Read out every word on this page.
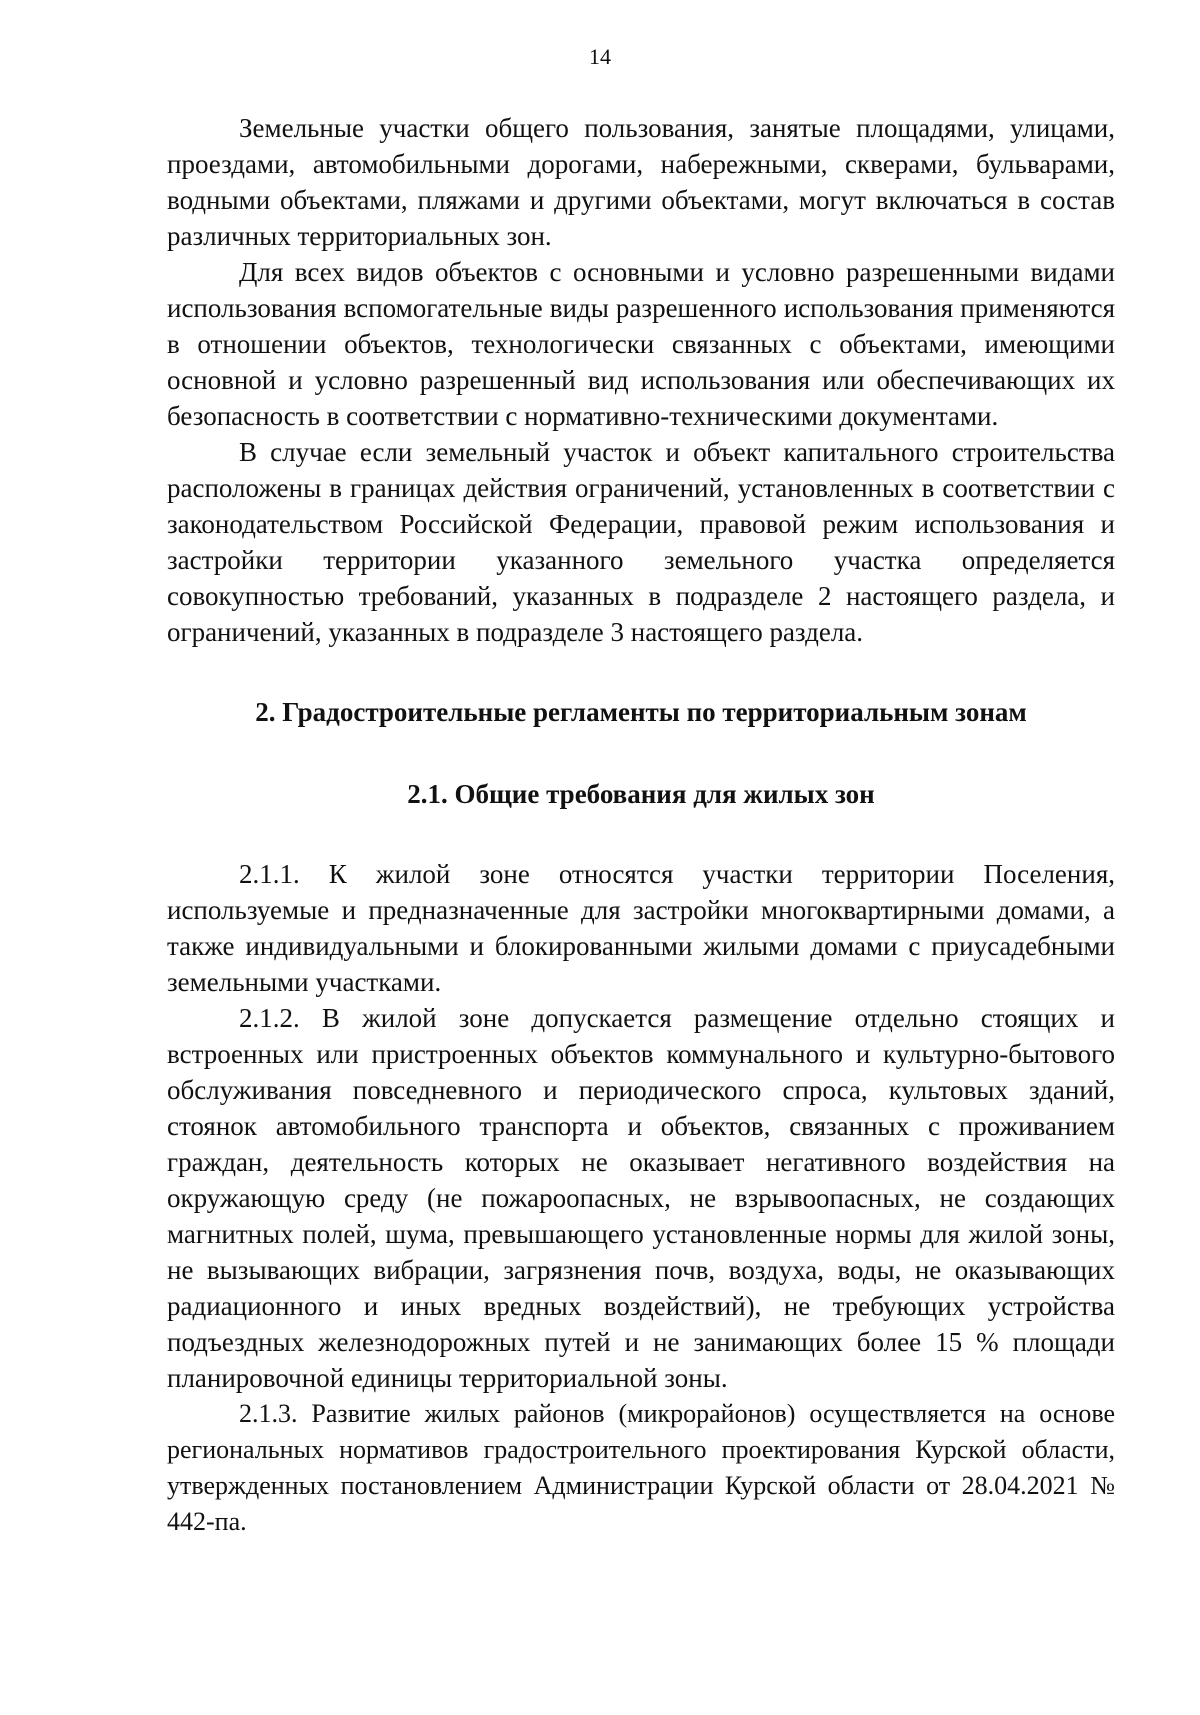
14

Земельные участки общего пользования, занятые площадями, улицами, проездами, автомобильными дорогами, набережными, скверами, бульварами, водными объектами, пляжами и другими объектами, могут включаться в состав различных территориальных зон.

Для всех видов объектов с основными и условно разрешенными видами использования вспомогательные виды разрешенного использования применяются в отношении объектов, технологически связанных с объектами, имеющими основной и условно разрешенный вид использования или обеспечивающих их безопасность в соответствии с нормативно-техническими документами.

В случае если земельный участок и объект капитального строительства расположены в границах действия ограничений, установленных в соответствии с законодательством Российской Федерации, правовой режим использования и застройки территории указанного земельного участка определяется совокупностью требований, указанных в подразделе 2 настоящего раздела, и ограничений, указанных в подразделе 3 настоящего раздела.

2. Градостроительные регламенты по территориальным зонам

2.1. Общие требования для жилых зон

2.1.1. К жилой зоне относятся участки территории Поселения, используемые и предназначенные для застройки многоквартирными домами, а также индивидуальными и блокированными жилыми домами с приусадебными земельными участками.

2.1.2. В жилой зоне допускается размещение отдельно стоящих и встроенных или пристроенных объектов коммунального и культурно-бытового обслуживания повседневного и периодического спроса, культовых зданий, стоянок автомобильного транспорта и объектов, связанных с проживанием граждан, деятельность которых не оказывает негативного воздействия на окружающую среду (не пожароопасных, не взрывоопасных, не создающих магнитных полей, шума, превышающего установленные нормы для жилой зоны, не вызывающих вибрации, загрязнения почв, воздуха, воды, не оказывающих радиационного и иных вредных воздействий), не требующих устройства подъездных железнодорожных путей и не занимающих более 15 % площади планировочной единицы территориальной зоны.

2.1.3. Развитие жилых районов (микрорайонов) осуществляется на основе региональных нормативов градостроительного проектирования Курской области, утвержденных постановлением Администрации Курской области от 28.04.2021 № 442-па.
